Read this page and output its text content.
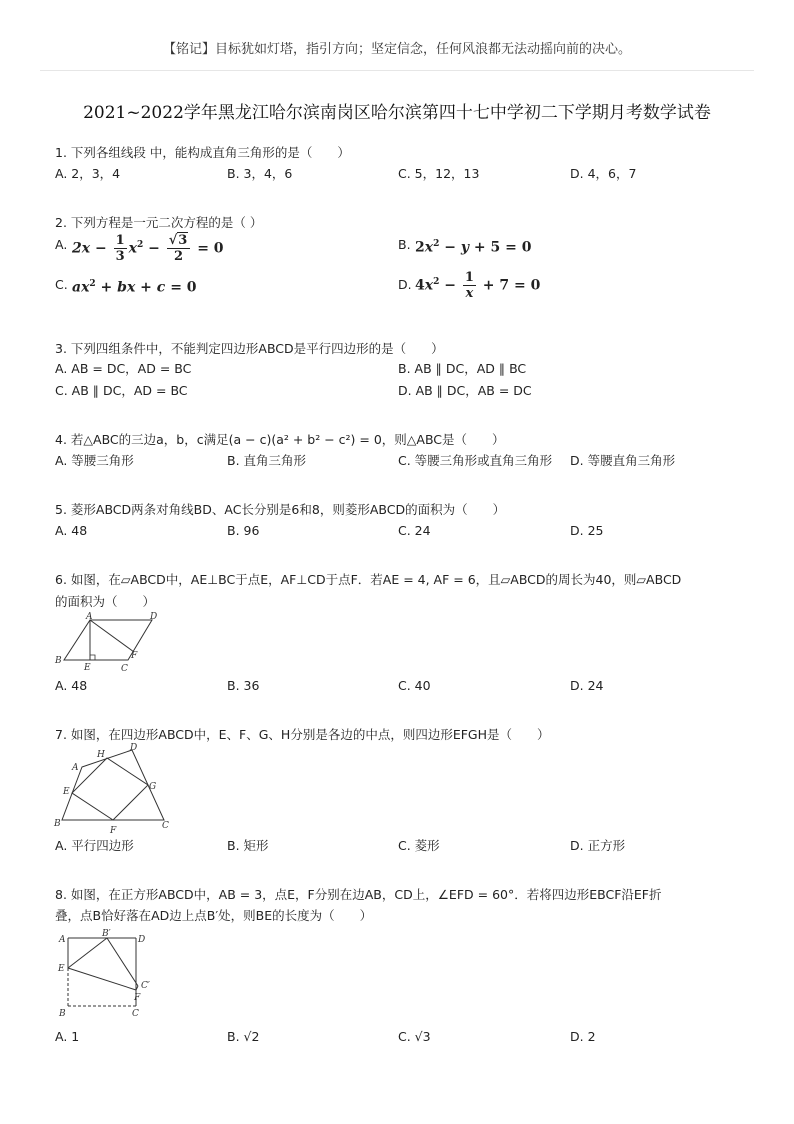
【铭记】目标犹如灯塔，指引方向；坚定信念，任何风浪都无法动摇向前的决心。
2021~2022学年黑龙江哈尔滨南岗区哈尔滨第四十七中学初二下学期月考数学试卷
1. 下列各组线段 中，能构成直角三角形的是（　　）
A. 2，3，4	B. 3，4，6	C. 5，12，13	D. 4，6，7
2. 下列方程是一元二次方程的是（ ）
A. $2x - \frac{1}{3} x^2 - \frac{√3}{2} = 0$	B. $2x^2 - y + 5 = 0$
C. $ax^2$ + bx + c = 0	D. $4x^2 - \frac{1}{x} + 7 = 0$
3. 下列四组条件中，不能判定四边形ABCD是平行四边形的是（　　）
A. AB = DC，AD = BC	B. AB ∥ DC，AD ∥ BC
C. AB ∥ DC，AD = BC	D. AB ∥ DC，AB = DC
4. 若△ABC的三边a，b，c满足(a − c)(a² + b² − c²) = 0，则△ABC是（　　）
A. 等腰三角形	B. 直角三角形	C. 等腰三角形或直角三角形 D. 等腰直角三角形
5. 菱形ABCD两条对角线BD、AC长分别是6和8，则菱形ABCD的面积为（　　）
A. 48	B. 96	C. 24	D. 25
6. 如图，在▱ABCD中，AE⊥BC于点E，AF⊥CD于点F．若AE = 4, AF = 6，且▱ABCD的周长为40，则▱ABCD
的面积为（　　）
A	D
B
E	C
F
A. 48	B. 36	C. 40	D. 24
7. 如图，在四边形ABCD中，E、F、G、H分别是各边的中点，则四边形EFGH是（　　）
A
H
D
E	G
B
F	C
A. 平行四边形	B. 矩形	C. 菱形	D. 正方形
8. 如图，在正方形ABCD中，AB = 3，点E，F分别在边AB，CD上，∠EFD = 60°．若将四边形EBCF沿EF折
叠，点B恰好落在AD边上点B′处，则BE的长度为（　　）
A
B′
D
E
C′
F
B	C
A. 1	B. √2	C. √3	D. 2
